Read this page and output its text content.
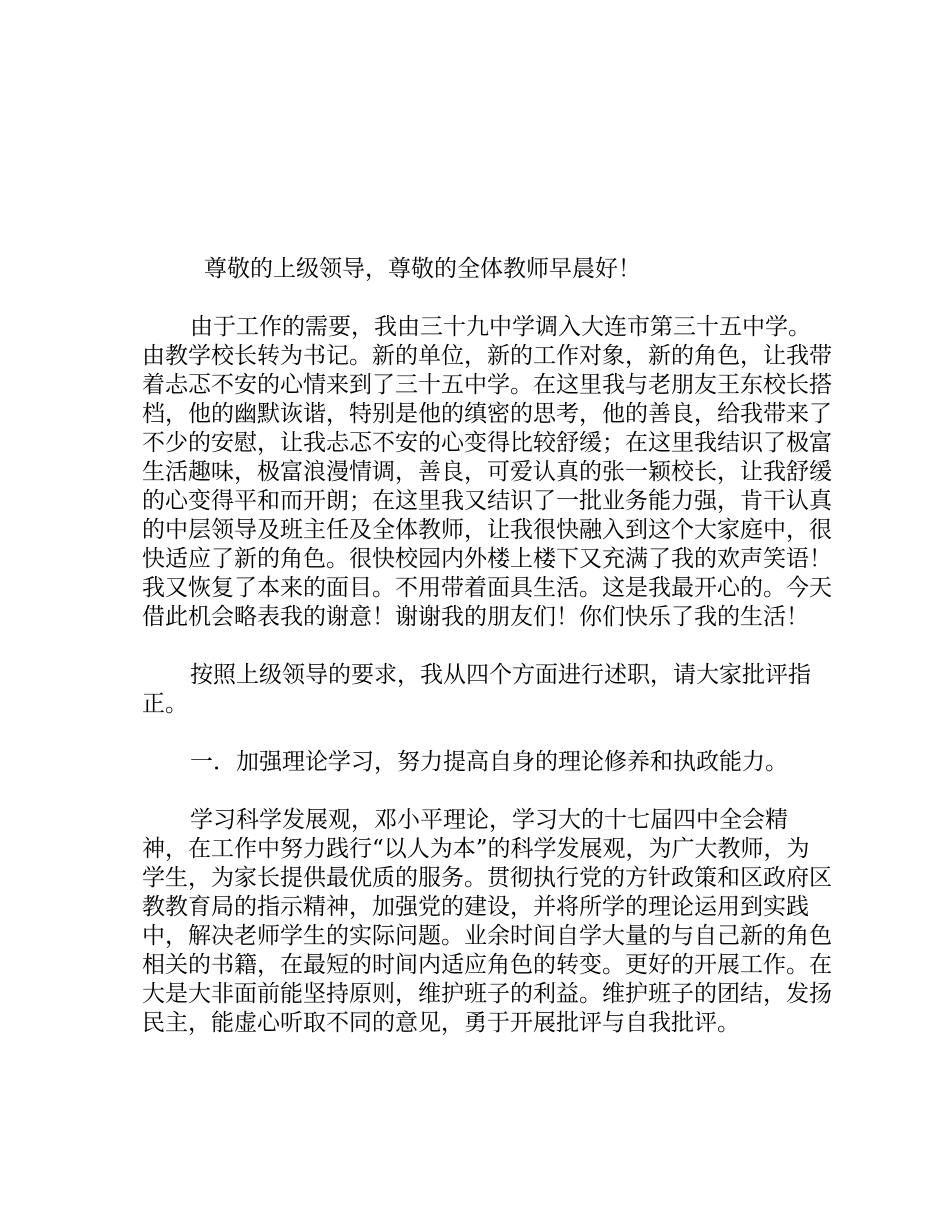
尊敬的上级领导，尊敬的全体教师早晨好！

由于工作的需要，我由三十九中学调入大连市第三十五中学。由教学校长转为书记。新的单位，新的工作对象，新的角色，让我带着忐忑不安的心情来到了三十五中学。在这里我与老朋友王东校长搭档，他的幽默诙谐，特别是他的缜密的思考，他的善良，给我带来了不少的安慰，让我忐忑不安的心变得比较舒缓；在这里我结识了极富生活趣味，极富浪漫情调，善良，可爱认真的张一颖校长，让我舒缓的心变得平和而开朗；在这里我又结识了一批业务能力强，肯干认真的中层领导及班主任及全体教师，让我很快融入到这个大家庭中，很快适应了新的角色。很快校园内外楼上楼下又充满了我的欢声笑语！我又恢复了本来的面目。不用带着面具生活。这是我最开心的。今天借此机会略表我的谢意！谢谢我的朋友们！你们快乐了我的生活！

按照上级领导的要求，我从四个方面进行述职，请大家批评指正。

一．加强理论学习，努力提高自身的理论修养和执政能力。

学习科学发展观，邓小平理论，学习大的十七届四中全会精神，在工作中努力践行“以人为本”的科学发展观，为广大教师，为学生，为家长提供最优质的服务。贯彻执行党的方针政策和区政府区教教育局的指示精神，加强党的建设，并将所学的理论运用到实践中，解决老师学生的实际问题。业余时间自学大量的与自己新的角色相关的书籍，在最短的时间内适应角色的转变。更好的开展工作。在大是大非面前能坚持原则，维护班子的利益。维护班子的团结，发扬民主，能虚心听取不同的意见，勇于开展批评与自我批评。
